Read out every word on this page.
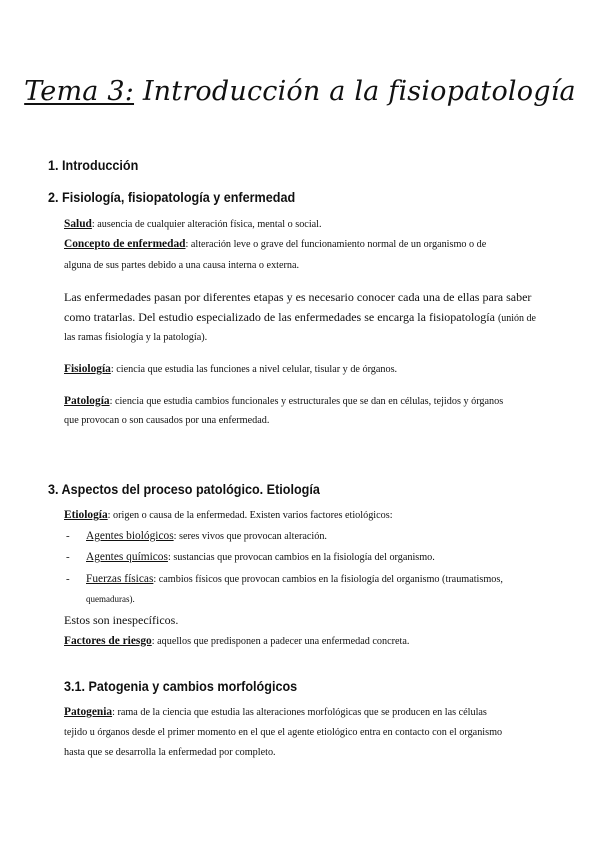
Tema 3: Introducción a la fisiopatología
1. Introducción
2. Fisiología, fisiopatología y enfermedad
Salud: ausencia de cualquier alteración física, mental o social.
Concepto de enfermedad: alteración leve o grave del funcionamiento normal de un organismo o de
alguna de sus partes debido a una causa interna o externa.
Las enfermedades pasan por diferentes etapas y es necesario conocer cada una de ellas para saber
como tratarlas. Del estudio especializado de las enfermedades se encarga la fisiopatología (unión de
las ramas fisiología y la patología).
Fisiología: ciencia que estudia las funciones a nivel celular, tisular y de órganos.
Patología: ciencia que estudia cambios funcionales y estructurales que se dan en células, tejidos y órganos
que provocan o son causados por una enfermedad.
3. Aspectos del proceso patológico. Etiología
Etiología: origen o causa de la enfermedad. Existen varios factores etiológicos:
- Agentes biológicos: seres vivos que provocan alteración.
- Agentes químicos: sustancias que provocan cambios en la fisiología del organismo.
- Fuerzas físicas: cambios físicos que provocan cambios en la fisiología del organismo (traumatismos,
quemaduras).
Estos son inespecíficos.
Factores de riesgo: aquellos que predisponen a padecer una enfermedad concreta.
3.1. Patogenia y cambios morfológicos
Patogenia: rama de la ciencia que estudia las alteraciones morfológicas que se producen en las células
tejido u órganos desde el primer momento en el que el agente etiológico entra en contacto con el organismo
hasta que se desarrolla la enfermedad por completo.
